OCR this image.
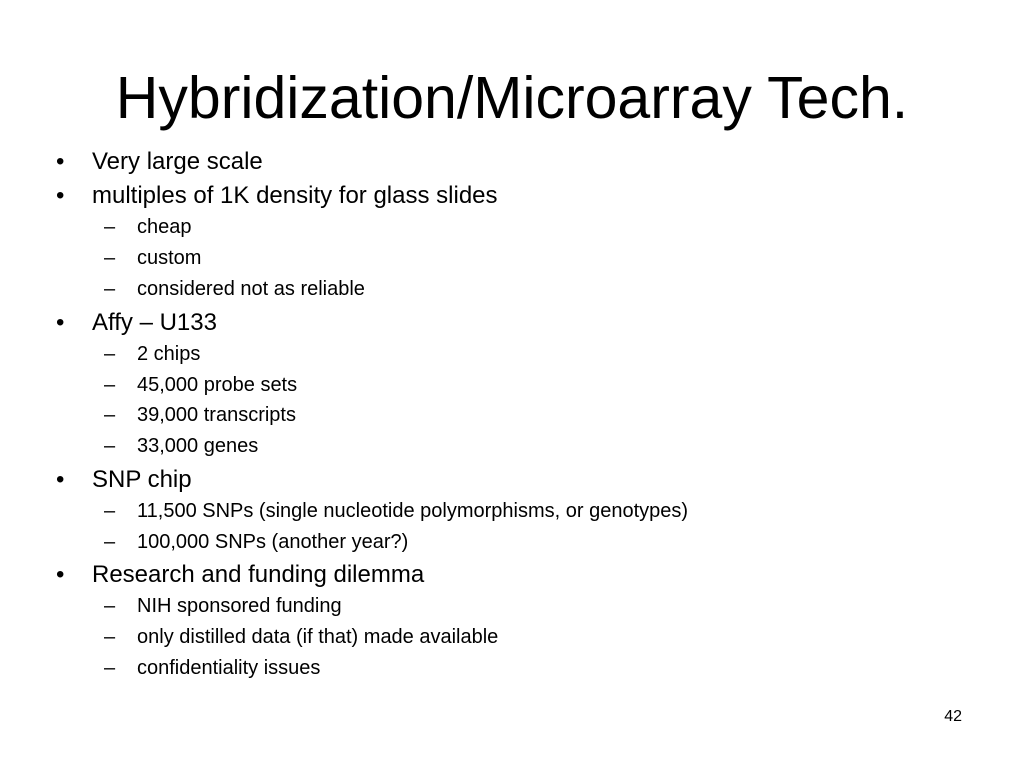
Hybridization/Microarray Tech.
• Very large scale
• multiples of 1K density for glass slides
– cheap
– custom
– considered not as reliable
• Affy – U133
– 2 chips
– 45,000 probe sets
– 39,000 transcripts
– 33,000 genes
• SNP chip
– 11,500 SNPs (single nucleotide polymorphisms, or genotypes)
– 100,000 SNPs (another year?)
• Research and funding dilemma
– NIH sponsored funding
– only distilled data (if that) made available
– confidentiality issues
42
